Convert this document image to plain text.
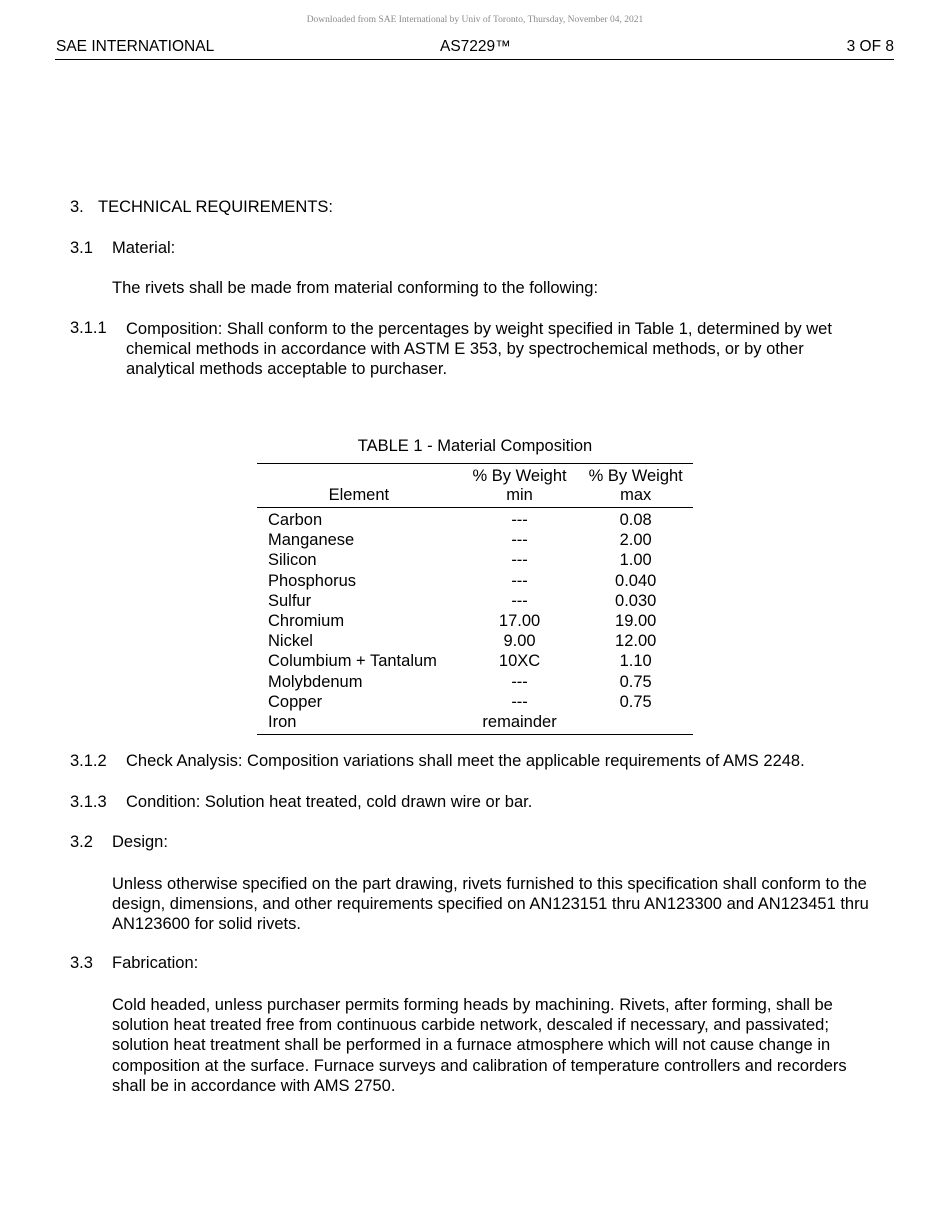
Downloaded from SAE International by Univ of Toronto, Thursday, November 04, 2021
SAE INTERNATIONAL	AS7229™	3 OF 8
3. TECHNICAL REQUIREMENTS:
3.1 Material:
The rivets shall be made from material conforming to the following:
3.1.1 Composition: Shall conform to the percentages by weight specified in Table 1, determined by wet chemical methods in accordance with ASTM E 353, by spectrochemical methods, or by other analytical methods acceptable to purchaser.
TABLE 1 - Material Composition
	% By Weight	% By Weight
Element	min	max
Carbon	---	0.08
Manganese	---	2.00
Silicon	---	1.00
Phosphorus	---	0.040
Sulfur	---	0.030
Chromium	17.00	19.00
Nickel	9.00	12.00
Columbium + Tantalum	10XC	1.10
Molybdenum	---	0.75
Copper	---	0.75
Iron	remainder	
3.1.2 Check Analysis: Composition variations shall meet the applicable requirements of AMS 2248.
3.1.3 Condition: Solution heat treated, cold drawn wire or bar.
3.2 Design:
Unless otherwise specified on the part drawing, rivets furnished to this specification shall conform to the design, dimensions, and other requirements specified on AN123151 thru AN123300 and AN123451 thru AN123600 for solid rivets.
3.3 Fabrication:
Cold headed, unless purchaser permits forming heads by machining. Rivets, after forming, shall be solution heat treated free from continuous carbide network, descaled if necessary, and passivated; solution heat treatment shall be performed in a furnace atmosphere which will not cause change in composition at the surface. Furnace surveys and calibration of temperature controllers and recorders shall be in accordance with AMS 2750.
